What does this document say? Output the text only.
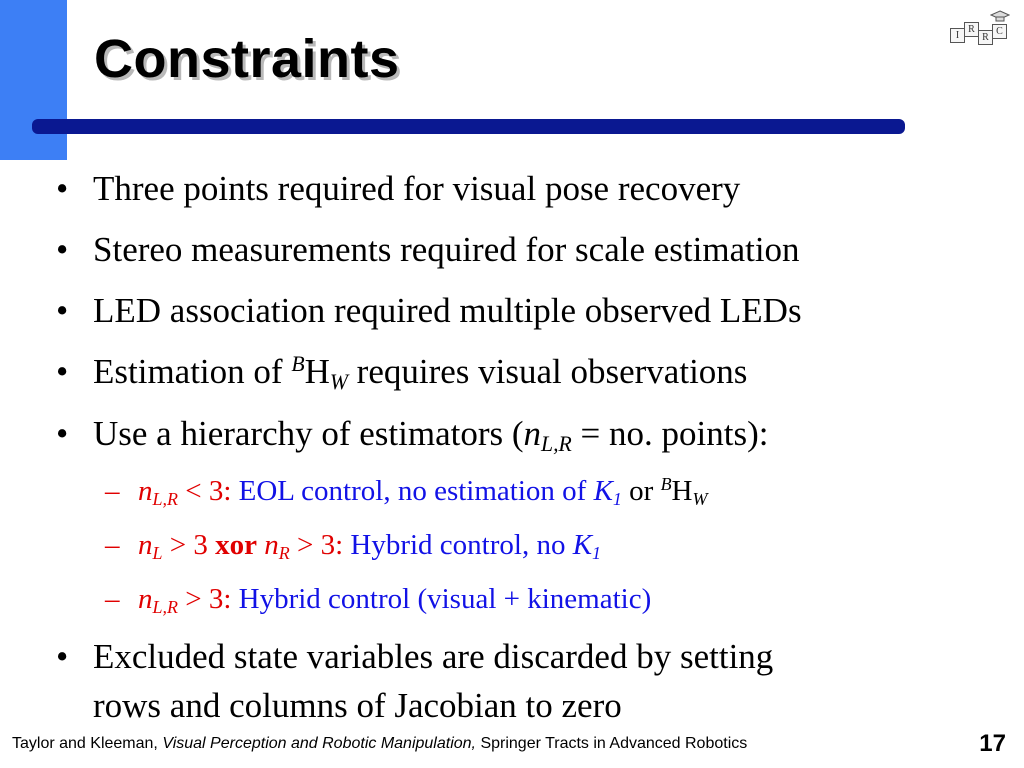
Constraints	I
R
R
C
• Three points required for visual pose recovery
• Stereo measurements required for scale estimation
• LED association required multiple observed LEDs
• Estimation of $^BH_W$ requires visual observations
• Use a hierarchy of estimators ($n_{L,R}$ = no. points):
– $n_{L,R} < 3$: EOL control, no estimation of $K_1$ or $^BH_W$
– $n_L > 3$ xor $n_R > 3$: Hybrid control, no $K_1$
– $n_{L,R} > 3$: Hybrid control (visual + kinematic)
• Excluded state variables are discarded by setting
rows and columns of Jacobian to zero
Taylor and Kleeman, Visual Perception and Robotic Manipulation, Springer Tracts in Advanced Robotics	17
